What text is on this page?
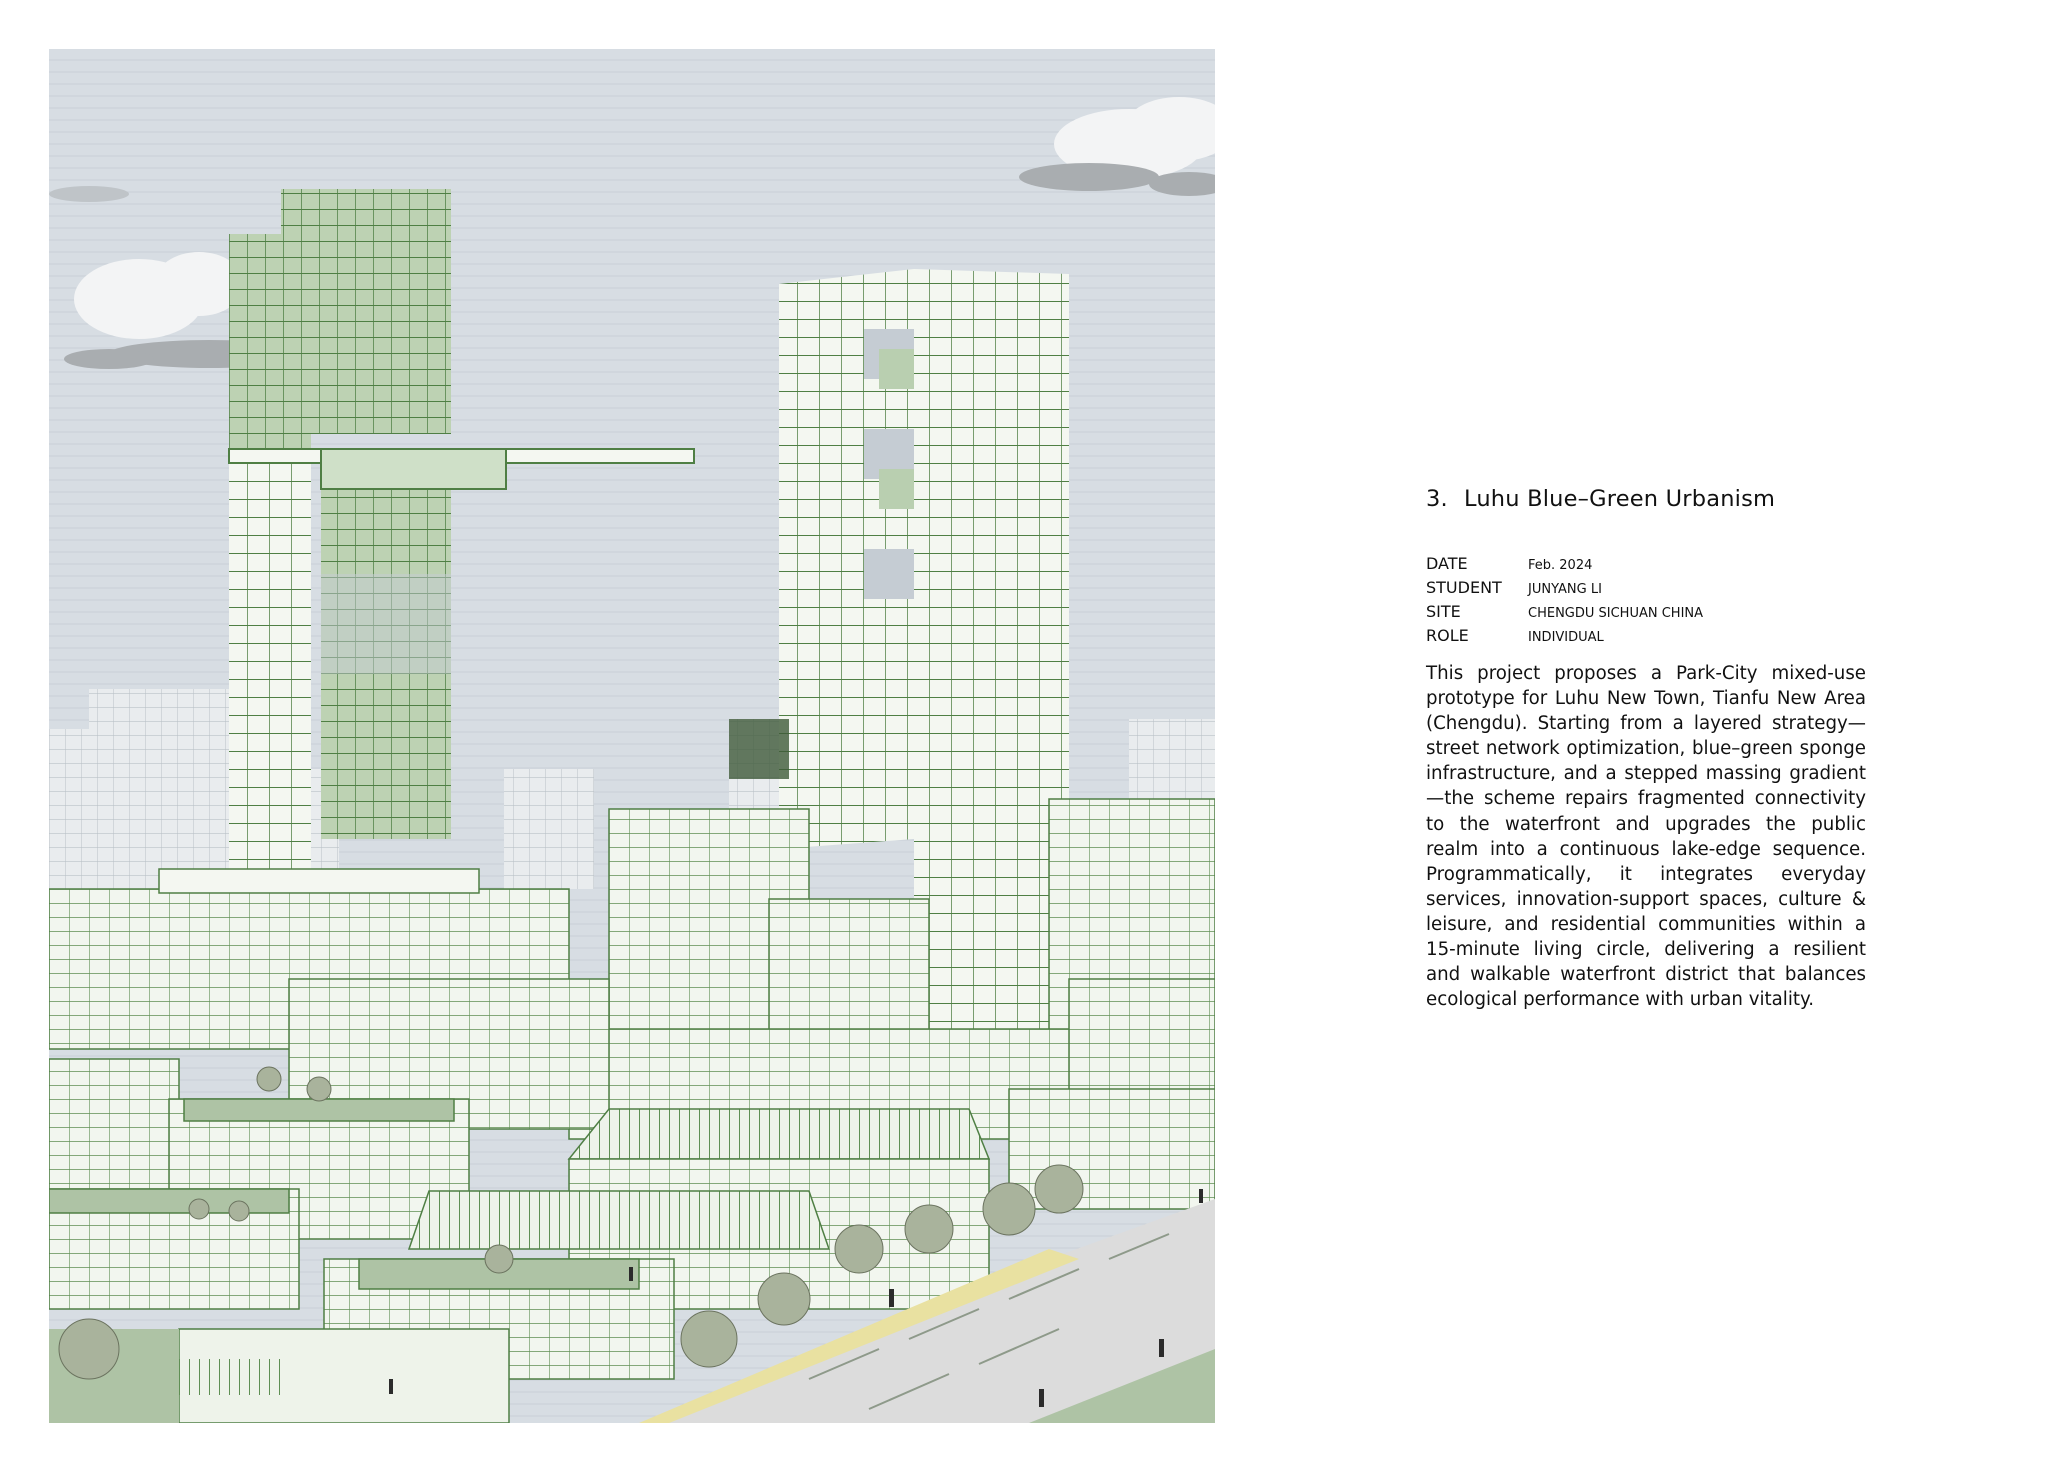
3. Luhu Blue–Green Urbanism
DATE	Feb. 2024
STUDENT	JUNYANG LI
SITE	CHENGDU SICHUAN CHINA
ROLE	INDIVIDUAL

This project proposes a Park-City mixed-use prototype for Luhu New Town, Tianfu New Area (Chengdu). Starting from a layered strategy—street network optimization, blue–green sponge infrastructure, and a stepped massing gradient—the scheme repairs fragmented connectivity to the waterfront and upgrades the public realm into a continuous lake-edge sequence. Programmatically, it integrates everyday services, innovation-support spaces, culture & leisure, and residential communities within a 15-minute living circle, delivering a resilient and walkable waterfront district that balances ecological performance with urban vitality.
